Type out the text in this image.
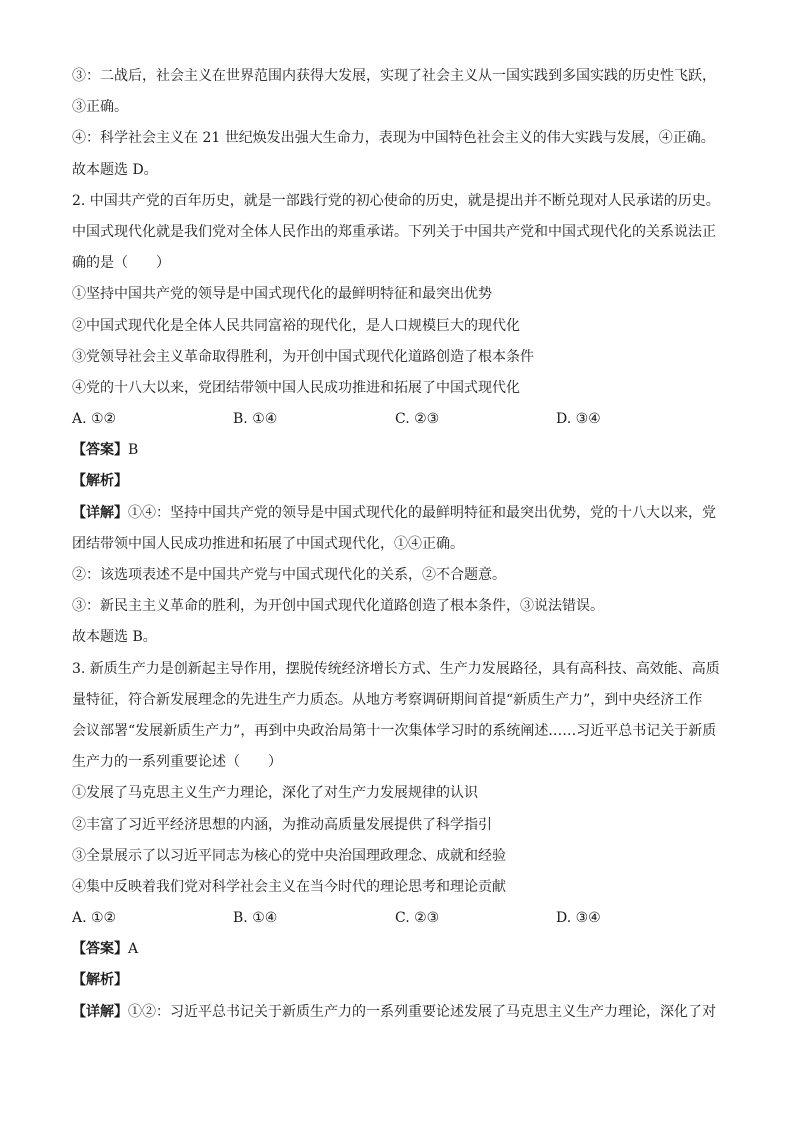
③：二战后，社会主义在世界范围内获得大发展，实现了社会主义从一国实践到多国实践的历史性飞跃，
③正确。
④：科学社会主义在 21 世纪焕发出强大生命力，表现为中国特色社会主义的伟大实践与发展，④正确。
故本题选 D。
2. 中国共产党的百年历史，就是一部践行党的初心使命的历史，就是提出并不断兑现对人民承诺的历史。
中国式现代化就是我们党对全体人民作出的郑重承诺。下列关于中国共产党和中国式现代化的关系说法正
确的是（　　）
①坚持中国共产党的领导是中国式现代化的最鲜明特征和最突出优势
②中国式现代化是全体人民共同富裕的现代化，是人口规模巨大的现代化
③党领导社会主义革命取得胜利，为开创中国式现代化道路创造了根本条件
④党的十八大以来，党团结带领中国人民成功推进和拓展了中国式现代化
A. ①②	B. ①④	C. ②③	D. ③④
【答案】B
【解析】
【详解】①④：坚持中国共产党的领导是中国式现代化的最鲜明特征和最突出优势，党的十八大以来，党
团结带领中国人民成功推进和拓展了中国式现代化，①④正确。
②：该选项表述不是中国共产党与中国式现代化的关系，②不合题意。
③：新民主主义革命的胜利，为开创中国式现代化道路创造了根本条件，③说法错误。
故本题选 B。
3. 新质生产力是创新起主导作用，摆脱传统经济增长方式、生产力发展路径，具有高科技、高效能、高质
量特征，符合新发展理念的先进生产力质态。从地方考察调研期间首提“新质生产力”，到中央经济工作
会议部署“发展新质生产力”，再到中央政治局第十一次集体学习时的系统阐述……习近平总书记关于新质
生产力的一系列重要论述（　　）
①发展了马克思主义生产力理论，深化了对生产力发展规律的认识
②丰富了习近平经济思想的内涵，为推动高质量发展提供了科学指引
③全景展示了以习近平同志为核心的党中央治国理政理念、成就和经验
④集中反映着我们党对科学社会主义在当今时代的理论思考和理论贡献
A. ①②	B. ①④	C. ②③	D. ③④
【答案】A
【解析】
【详解】①②：习近平总书记关于新质生产力的一系列重要论述发展了马克思主义生产力理论，深化了对
